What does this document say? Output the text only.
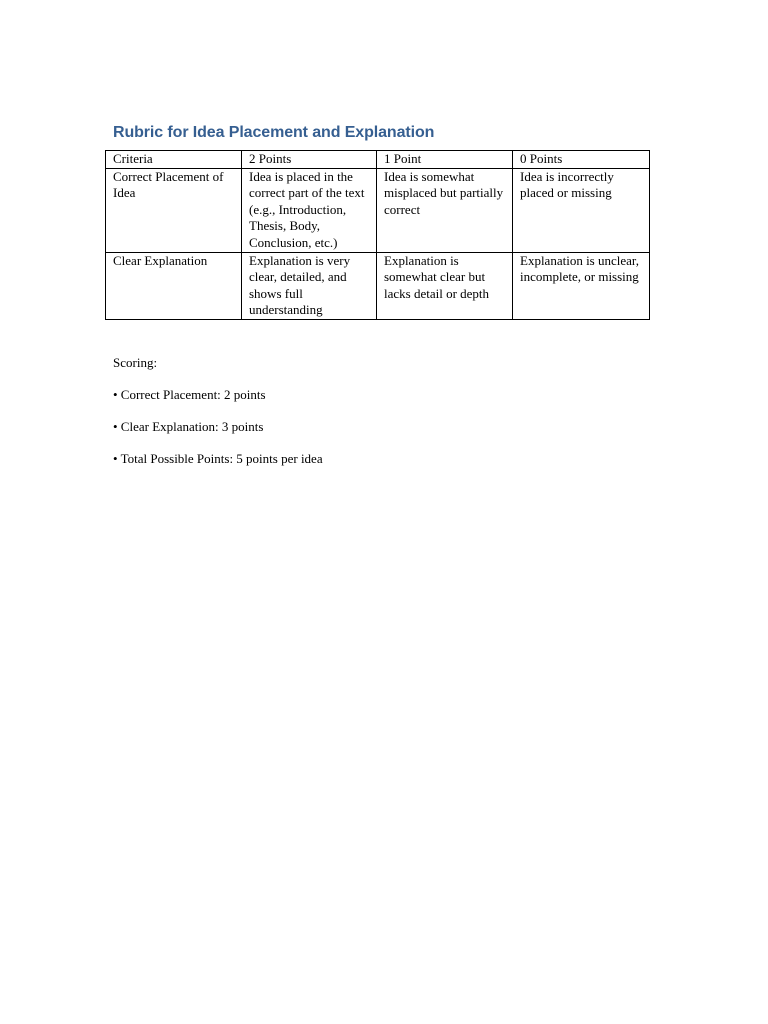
Rubric for Idea Placement and Explanation
Criteria	2 Points	1 Point	0 Points
Correct Placement of Idea	Idea is placed in the correct part of the text (e.g., Introduction, Thesis, Body, Conclusion, etc.)	Idea is somewhat misplaced but partially correct	Idea is incorrectly placed or missing
Clear Explanation	Explanation is very clear, detailed, and shows full understanding	Explanation is somewhat clear but lacks detail or depth	Explanation is unclear, incomplete, or missing

Scoring:

• Correct Placement: 2 points

• Clear Explanation: 3 points

• Total Possible Points: 5 points per idea
